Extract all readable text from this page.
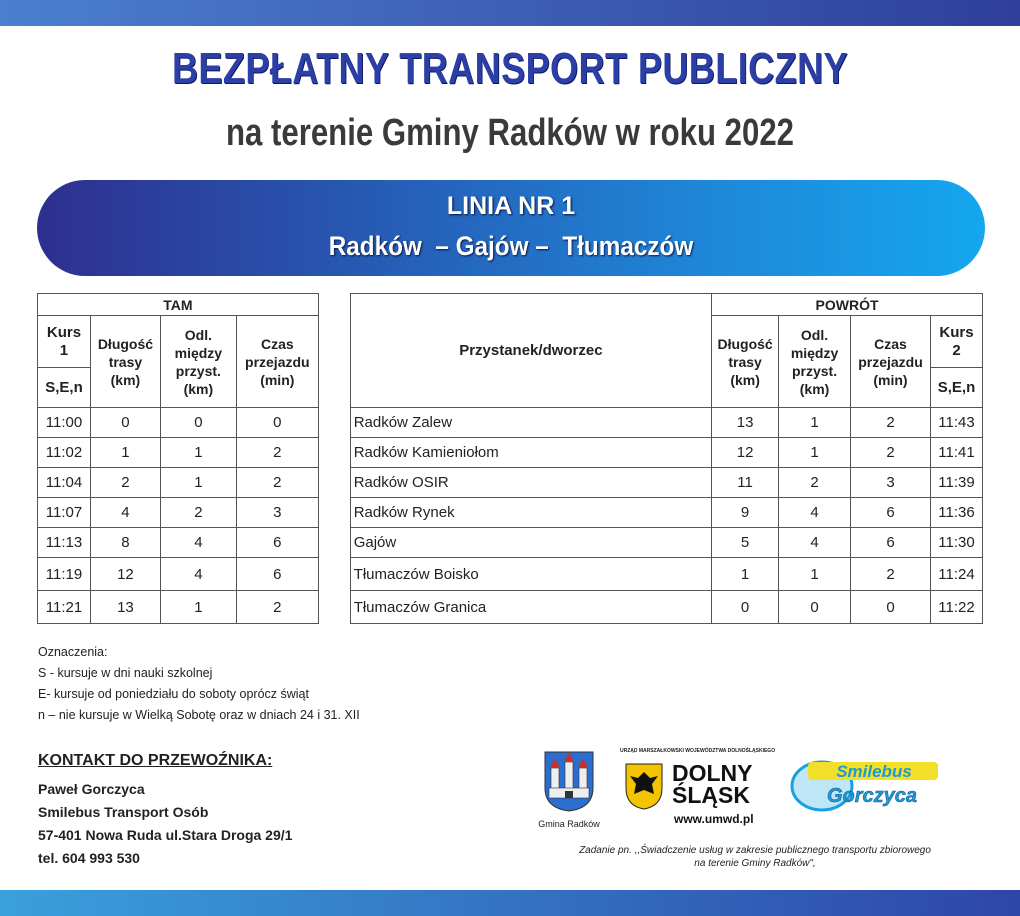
BEZPŁATNY TRANSPORT PUBLICZNY
na terenie Gminy Radków w roku 2022
LINIA NR 1
Radków  – Gajów –  Tłumaczów
TAM					Przystanek/dworzec	POWRÓT			
Kurs
1	Długość
trasy
(km)	Odl.
między
przyst.
(km)	Czas
przejazdu
(min)			Długość
trasy
(km)	Odl.
między
przyst.
(km)	Czas
przejazdu
(min)	Kurs
2
S,E,n									S,E,n
11:00	0	0	0		Radków Zalew	13	1	2	11:43
11:02	1	1	2		Radków Kamieniołom	12	1	2	11:41
11:04	2	1	2		Radków OSIR	11	2	3	11:39
11:07	4	2	3		Radków Rynek	9	4	6	11:36
11:13	8	4	6		Gajów	5	4	6	11:30
11:19	12	4	6		Tłumaczów Boisko	1	1	2	11:24
11:21	13	1	2		Tłumaczów Granica	0	0	0	11:22
Oznaczenia:
S - kursuje w dni nauki szkolnej
E- kursuje od poniedziału do soboty oprócz świąt
n – nie kursuje w Wielką Sobotę oraz w dniach 24 i 31. XII
KONTAKT DO PRZEWOŹNIKA:
Paweł Gorczyca
Smilebus Transport Osób
57-401 Nowa Ruda ul.Stara Droga 29/1
tel. 604 993 530
Gmina Radków
URZĄD MARSZAŁKOWSKI WOJEWÓDZTWA DOLNOŚLĄSKIEGO
DOLNY
ŚLĄSK
www.umwd.pl
Smilebus
Gorczyca
Zadanie pn. ,,Świadczenie usług w zakresie publicznego transportu zbiorowego
na terenie Gminy Radków",
